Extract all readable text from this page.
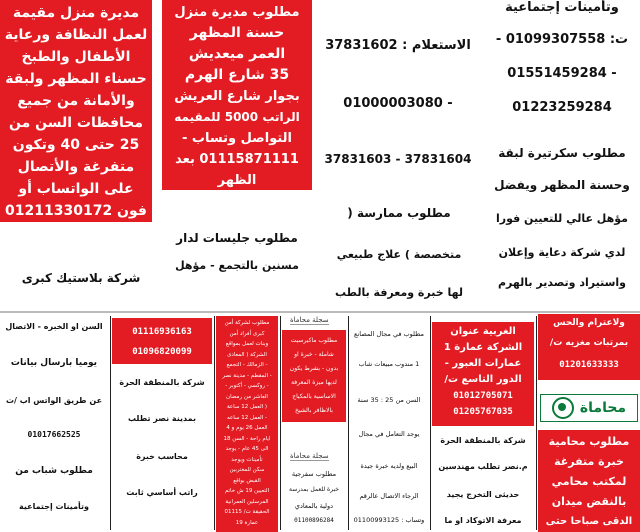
مديرة منزل مقيمة
لعمل النظافة ورعاية
الأطفال والطبخ
حسناء المظهر ولبقة
والأمانة من جميع
محافظات السن من
25 حتى 40 وتكون
متفرغة والأتصال
على الواتساب أو
فون 01211330172
مطلوب مديرة منزل
حسنة المظهر
العمر ميعديش
35 شارع الهرم
بجوار شارع العريش
الراتب 5000 للمقيمه
التواصل وتساب -
01115871111 بعد
الظهر
الاستعلام : 37831602
01000003080 -
37831603 - 37831604
وتأمينات إجتماعية
ت: 01099307558 -
01551459284 -
01223259284
مطلوب سكرتيرة لبقة
وحسنة المظهر ويفضل
مؤهل عالي للتعيين فورا
لدي شركة دعاية وإعلان
واستيراد وتصدير بالهرم
مطلوب ممارسة (
متخصصة ) علاج طبيعي
لها خبرة ومعرفة بالطب
مطلوب جليسات لدار
مسنين بالتجمع - مؤهل
شركة بلاستيك كبرى
السن او الخبره - الاتصال
يوميا بارسال بيانات
عن طريق الواتس اب /ت
01017662525
مطلوب شباب من
وتأمينات إجتماعية
01116936163
01096820099
شركة بالمنطقة الحرة
بمدينة نصر تطلب
محاسب خبرة
راتب أساسي ثابت
مطلوب لشركة أمن
كبرى أفراد أمن
وبنات لعمل بمواقع
الشركة ( المعادى
- الزمالك - التجمع
- المقطم - مدينة نصر
- روكسي - أكتوبر -
العاشر من رمضان
( العمل 12 ساعة
- العمل 12 ساعه
العمل 26 يوم و 4
ايام راحة - السن 18
الى 45 عام - يوجد
تأمينات ويوجد
سكن للمغتربين
القبض بواقع
التعيين 19 ش خاتم
المرسلين العمرانية
الحقيقة ت/ 01115
عمارة 19
سجلة محاماة
مطلوب ماكيرسيت
شاملة - خبرة او
بدون - بشرط يكون
لديها ميزة المعرفة
الاساسية بالمكياج
بالاظافر بالشيخ
سجلة محاماة
مطلوب سفرجية
خبرة للعمل بمدرسة
دولية بالمعادي
01100896284
مطلوب في مجال المصانع
1 مندوب مبيعات شاب
السن من 25 : 35 سنة
يوجد التعامل في مجال
البيع ولديه خبرة جيدة
الرجاء الاتصال عالرقم
وتساب : 01100993125
الغربية عنوان
الشركة عمارة 1
عمارات العبور -
الدور التاسع ت/
01012705071
01205767035
شركة بالمنطقة الحرة
م.نصر تطلب مهندسين
حديثى التخرج يجيد
معرفة الاتوكاد او ما
ولاعترام والحس
بمرتبات مغزيه ت/
01201633333
محاماة
مطلوب محامية
خبرة متفرغة
لمكتب محامي
بالنقض ميدان
الدقى صباحا حتى
